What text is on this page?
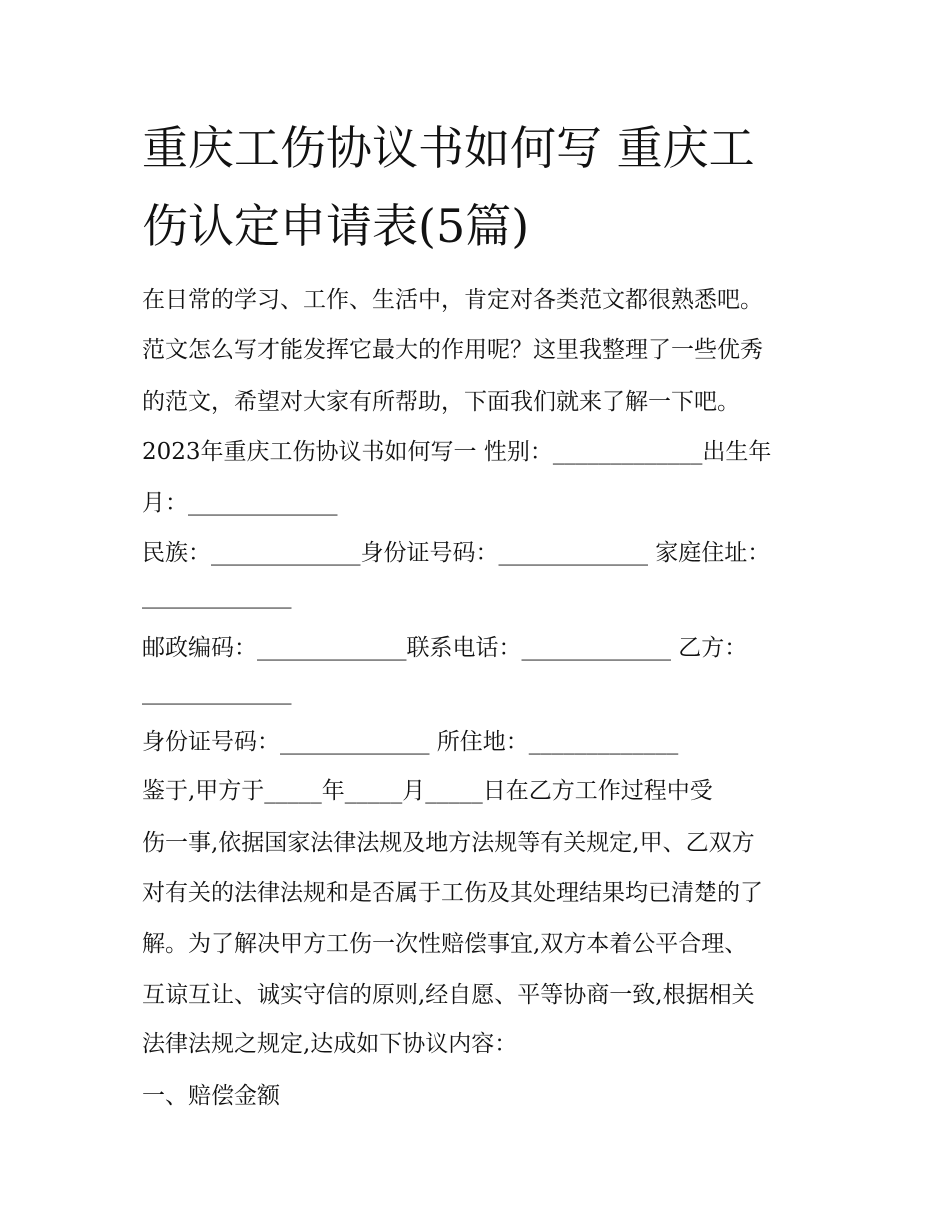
重庆工伤协议书如何写 重庆工
伤认定申请表(5篇)
在日常的学习、工作、生活中，肯定对各类范文都很熟悉吧。
范文怎么写才能发挥它最大的作用呢？这里我整理了一些优秀
的范文，希望对大家有所帮助，下面我们就来了解一下吧。
2023年重庆工伤协议书如何写一 性别：_____________出生年
月：_____________
民族：_____________身份证号码：_____________ 家庭住址：
_____________
邮政编码：_____________联系电话：_____________ 乙方：
_____________
身份证号码：_____________ 所住地：_____________
鉴于,甲方于_____年_____月_____日在乙方工作过程中受
伤一事,依据国家法律法规及地方法规等有关规定,甲、乙双方
对有关的法律法规和是否属于工伤及其处理结果均已清楚的了
解。为了解决甲方工伤一次性赔偿事宜,双方本着公平合理、
互谅互让、诚实守信的原则,经自愿、平等协商一致,根据相关
法律法规之规定,达成如下协议内容：
一、赔偿金额
